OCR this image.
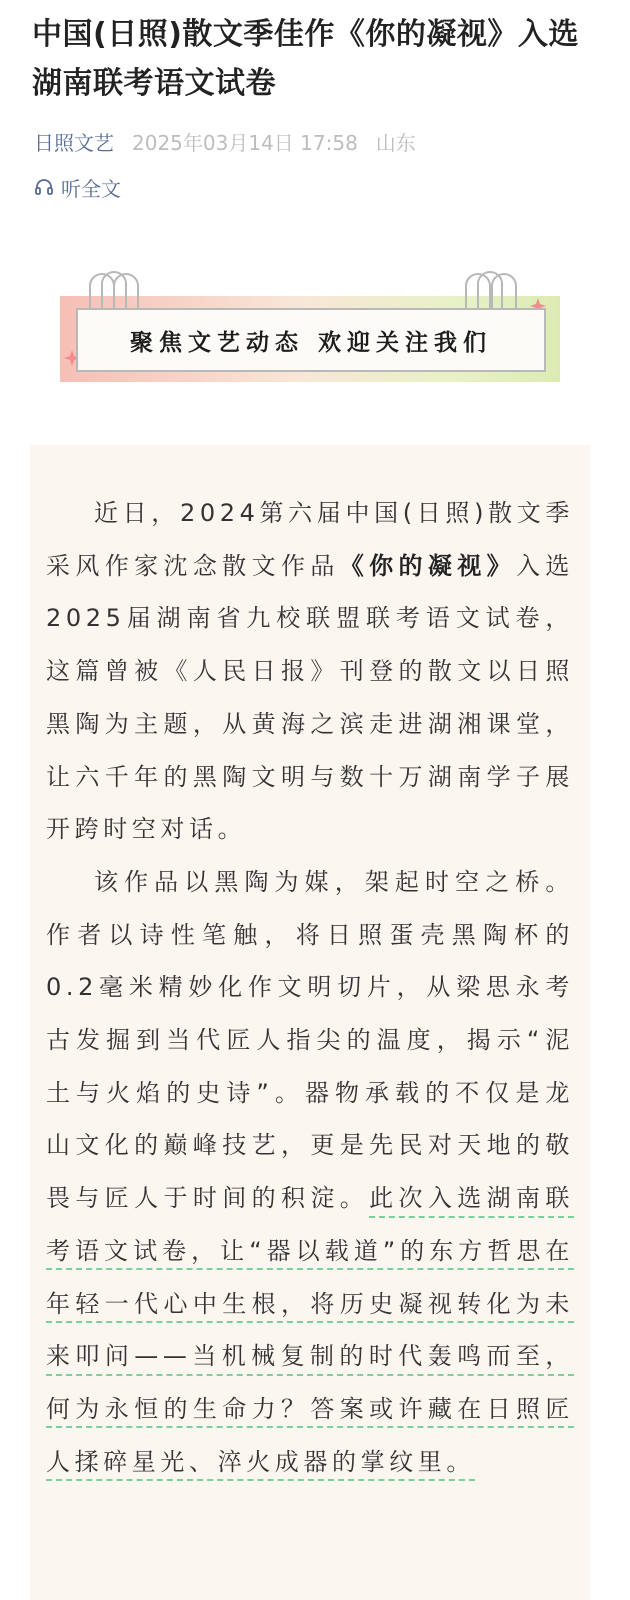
中国(日照)散文季佳作《你的凝视》入选湖南联考语文试卷
日照文艺 2025年03月14日 17:58 山东
听全文
聚焦文艺动态 欢迎关注我们

近日，2024第六届中国(日照)散文季采风作家沈念散文作品《你的凝视》入选2025届湖南省九校联盟联考语文试卷，这篇曾被《人民日报》刊登的散文以日照黑陶为主题，从黄海之滨走进湖湘课堂，让六千年的黑陶文明与数十万湖南学子展开跨时空对话。

该作品以黑陶为媒，架起时空之桥。作者以诗性笔触，将日照蛋壳黑陶杯的0.2毫米精妙化作文明切片，从梁思永考古发掘到当代匠人指尖的温度，揭示“泥土与火焰的史诗”。器物承载的不仅是龙山文化的巅峰技艺，更是先民对天地的敬畏与匠人于时间的积淀。此次入选湖南联考语文试卷，让“器以载道”的东方哲思在年轻一代心中生根，将历史凝视转化为未来叩问——当机械复制的时代轰鸣而至，何为永恒的生命力？答案或许藏在日照匠人揉碎星光、淬火成器的掌纹里。
